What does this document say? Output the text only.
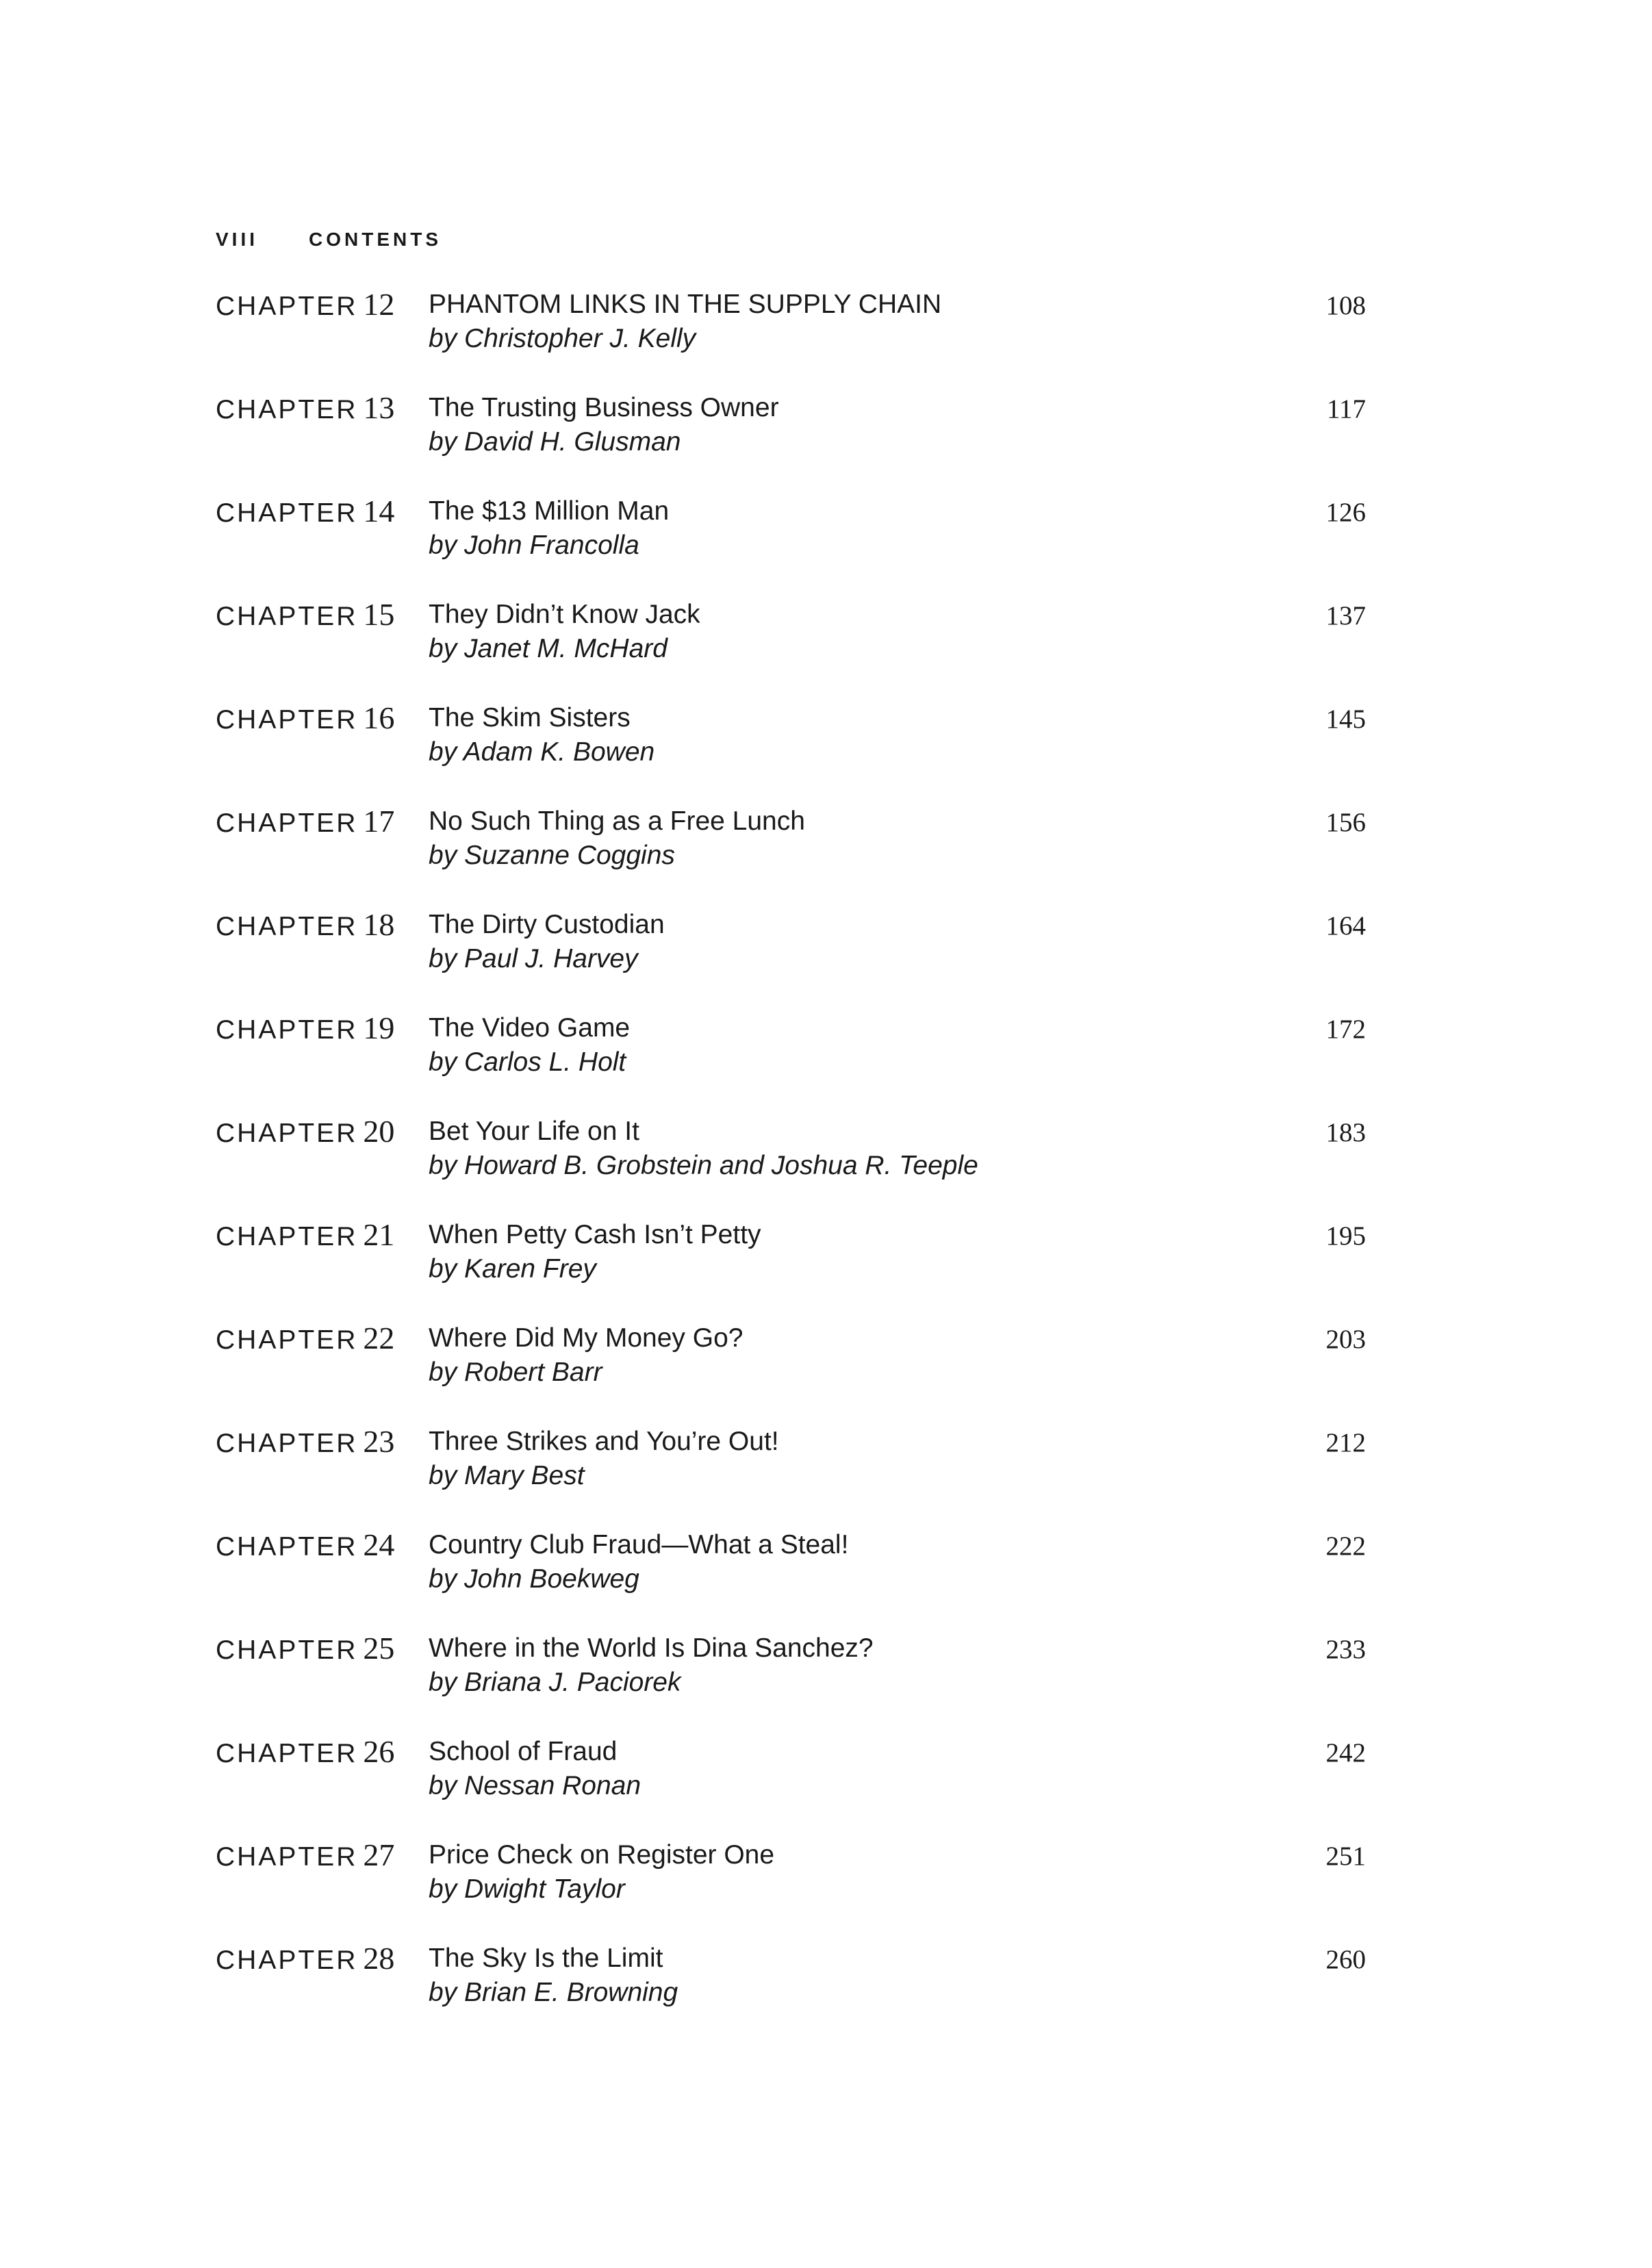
VIII	CONTENTS
CHAPTER 12 PHANTOM LINKS IN THE SUPPLY CHAIN
by Christopher J. Kelly
108
CHAPTER 13 The Trusting Business Owner
by David H. Glusman
117
CHAPTER 14 The $13 Million Man
by John Francolla
126
CHAPTER 15 They Didn’t Know Jack
by Janet M. McHard
137
CHAPTER 16 The Skim Sisters
by Adam K. Bowen
145
CHAPTER 17 No Such Thing as a Free Lunch
by Suzanne Coggins
156
CHAPTER 18 The Dirty Custodian
by Paul J. Harvey
164
CHAPTER 19 The Video Game
by Carlos L. Holt
172
CHAPTER 20 Bet Your Life on It
by Howard B. Grobstein and Joshua R. Teeple
183
CHAPTER 21 When Petty Cash Isn’t Petty
by Karen Frey
195
CHAPTER 22 Where Did My Money Go?
by Robert Barr
203
CHAPTER 23 Three Strikes and You’re Out!
by Mary Best
212
CHAPTER 24 Country Club Fraud—What a Steal!
by John Boekweg
222
CHAPTER 25 Where in the World Is Dina Sanchez?
by Briana J. Paciorek
233
CHAPTER 26 School of Fraud
by Nessan Ronan
242
CHAPTER 27 Price Check on Register One
by Dwight Taylor
251
CHAPTER 28 The Sky Is the Limit
by Brian E. Browning
260
